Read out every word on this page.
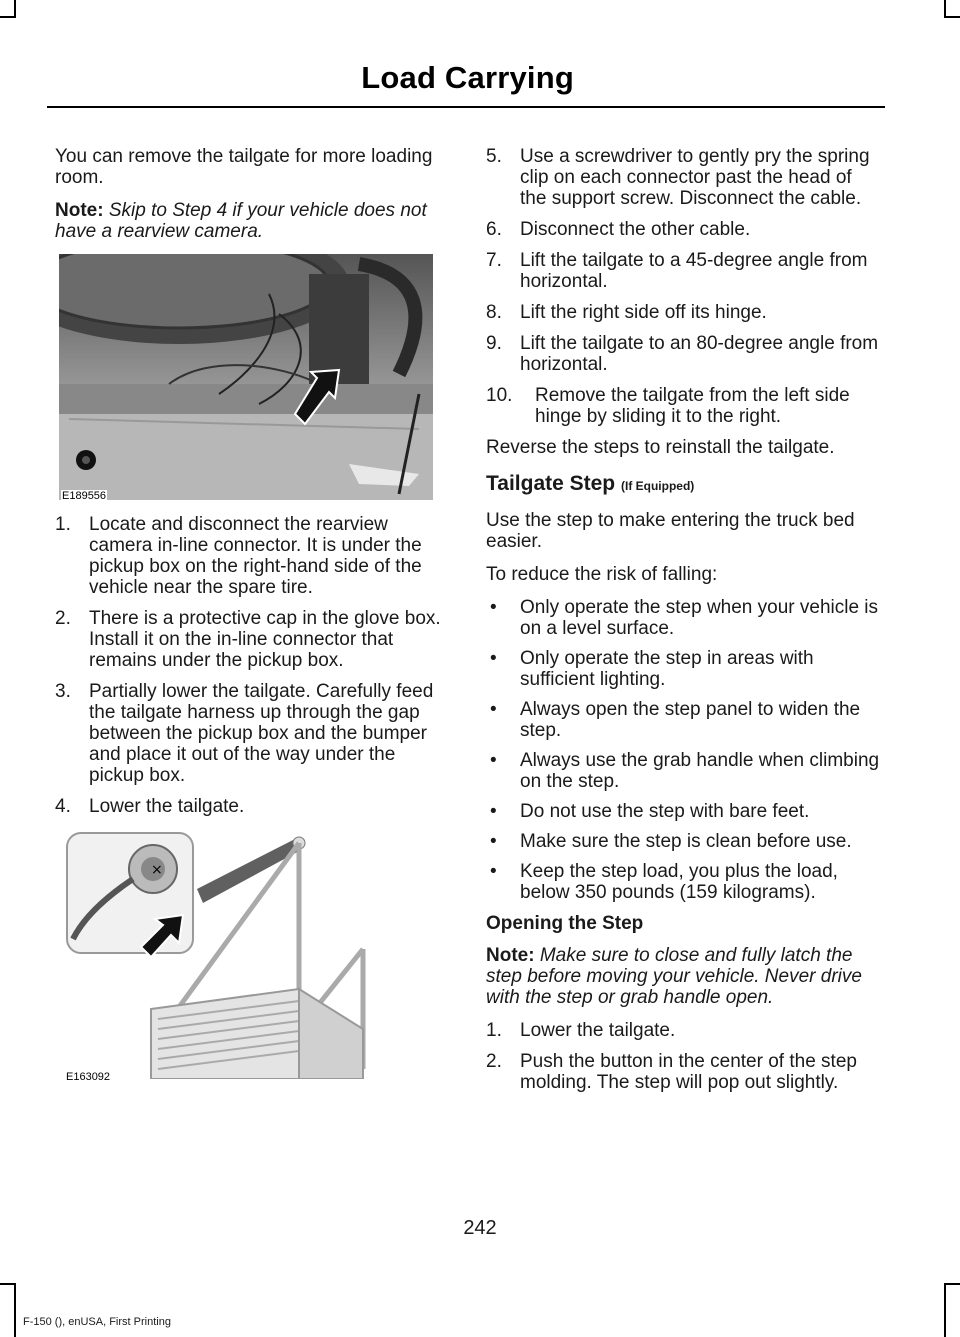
Load Carrying

You can remove the tailgate for more loading room.

Note: Skip to Step 4 if your vehicle does not have a rearview camera.

E189556
1. Locate and disconnect the rearview camera in-line connector. It is under the pickup box on the right-hand side of the vehicle near the spare tire.
2. There is a protective cap in the glove box. Install it on the in-line connector that remains under the pickup box.
3. Partially lower the tailgate. Carefully feed the tailgate harness up through the gap between the pickup box and the bumper and place it out of the way under the pickup box.
4. Lower the tailgate.
×
E163092
5. Use a screwdriver to gently pry the spring clip on each connector past the head of the support screw. Disconnect the cable.
6. Disconnect the other cable.
7. Lift the tailgate to a 45-degree angle from horizontal.
8. Lift the right side off its hinge.
9. Lift the tailgate to an 80-degree angle from horizontal.
10. Remove the tailgate from the left side hinge by sliding it to the right.

Reverse the steps to reinstall the tailgate.

Tailgate Step (If Equipped)

Use the step to make entering the truck bed easier.

To reduce the risk of falling:

• Only operate the step when your vehicle is on a level surface.
• Only operate the step in areas with sufficient lighting.
• Always open the step panel to widen the step.
• Always use the grab handle when climbing on the step.
• Do not use the step with bare feet.
• Make sure the step is clean before use.
• Keep the step load, you plus the load, below 350 pounds (159 kilograms).
Opening the Step

Note: Make sure to close and fully latch the step before moving your vehicle. Never drive with the step or grab handle open.

1. Lower the tailgate.
2. Push the button in the center of the step molding. The step will pop out slightly.
242
F-150 (), enUSA, First Printing
